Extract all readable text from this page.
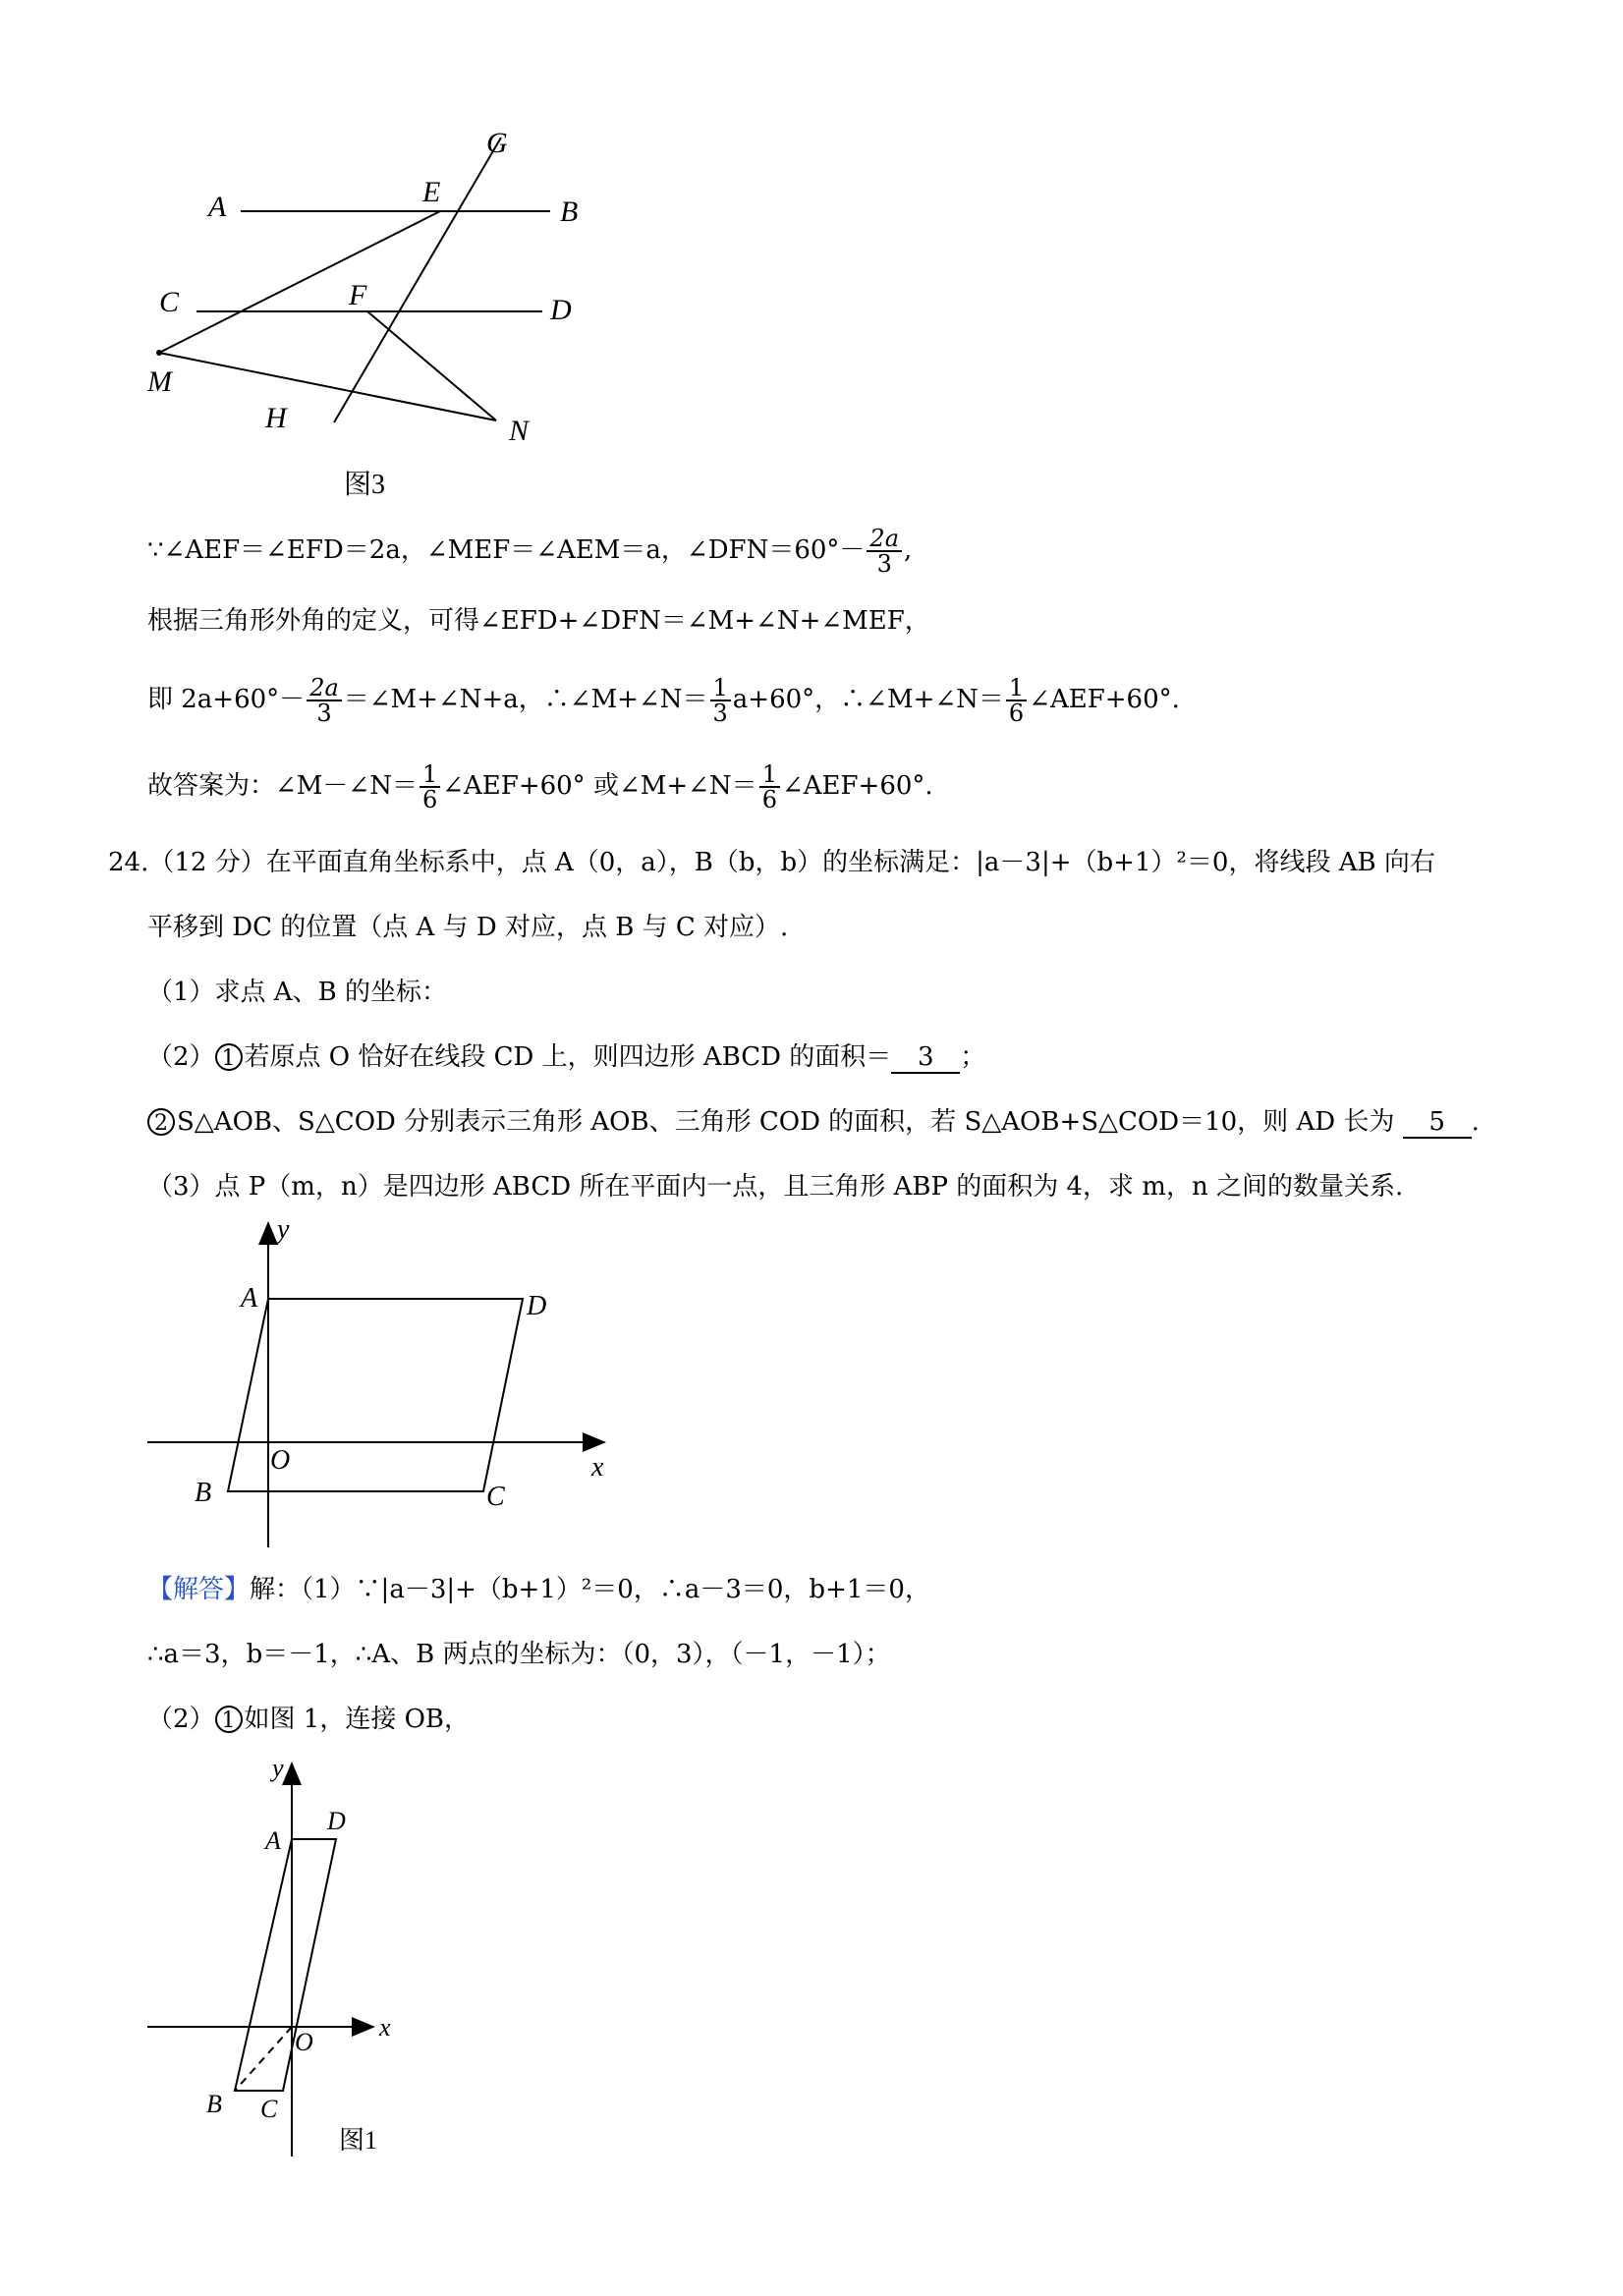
A	B
E
G
C	F	D
M
H	N
图3
∵∠AEF＝∠EFD＝2a，∠MEF＝∠AEM＝a，∠DFN＝60°－ $\frac{2a}{3}$ ,
根据三角形外角的定义，可得∠EFD+∠DFN＝∠M+∠N+∠MEF，
即 $2a+60^\circ- \frac{2a}{3}$ ＝∠M+∠N+a，∴∠M+∠N＝ $\frac{1}{3} a+60^\circ$，∴∠M+∠N＝ $\frac{1}{6}$ ∠AEF+60°.
故答案为：∠M－∠N＝ $\frac{1}{6}$ ∠AEF+60° 或∠M+∠N＝ $\frac{1}{6}$ ∠AEF+60°.
24.（12 分）在平面直角坐标系中，点 A（0，a），B（b，b）的坐标满足：|a－3|+（b+1）²＝0，将线段 AB 向右
平移到 DC 的位置（点 A 与 D 对应，点 B 与 C 对应）.
（1）求点 A、B 的坐标：
（2） 1 若原点 O 恰好在线段 CD 上，则四边形 ABCD 的面积＝ 3 ；
2 S△AOB、S△COD 分别表示三角形 AOB、三角形 COD 的面积，若 S△AOB+S△COD＝10，则 AD 长为 5 .
（3）点 P（m，n）是四边形 ABCD 所在平面内一点，且三角形 ABP 的面积为 4，求 m，n 之间的数量关系.
y
A	D
O	x
B	C
【解答】解：（1）∵|a－3|+（b+1）²＝0，∴a－3＝0，b+1＝0，
∴a＝3，b＝－1，∴A、B 两点的坐标为：（0，3），（－1，－1）；
（2） 1 如图 1，连接 OB，
y
A
D
O
x
B C
图1
